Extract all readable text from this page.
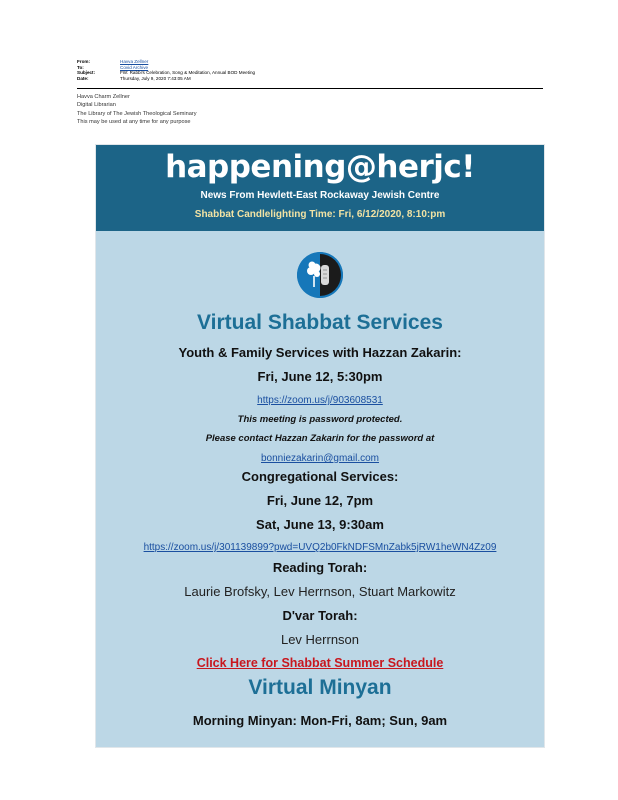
From:	Havva Zellner
To:	Covid Archive
Subject:	FW: Rabbi's Celebration, Song & Meditation, Annual BOD Meeting
Date:	Thursday, July 9, 2020 7:43:05 AM
Havva Charm Zellner
Digital Librarian
The Library of The Jewish Theological Seminary
This may be used at any time for any purpose
happening@herjc!
News From Hewlett-East Rockaway Jewish Centre
Shabbat Candlelighting Time: Fri, 6/12/2020, 8:10:pm
Virtual Shabbat Services
Youth & Family Services with Hazzan Zakarin:
Fri, June 12, 5:30pm
https://zoom.us/j/903608531
This meeting is password protected.
Please contact Hazzan Zakarin for the password at
bonniezakarin@gmail.com
Congregational Services:
Fri, June 12, 7pm
Sat, June 13, 9:30am
https://zoom.us/j/301139899?pwd=UVQ2b0FkNDFSMnZabk5jRW1heWN4Zz09
Reading Torah:
Laurie Brofsky, Lev Herrnson, Stuart Markowitz
D'var Torah:
Lev Herrnson
Click Here for Shabbat Summer Schedule
Virtual Minyan
Morning Minyan: Mon-Fri, 8am; Sun, 9am
